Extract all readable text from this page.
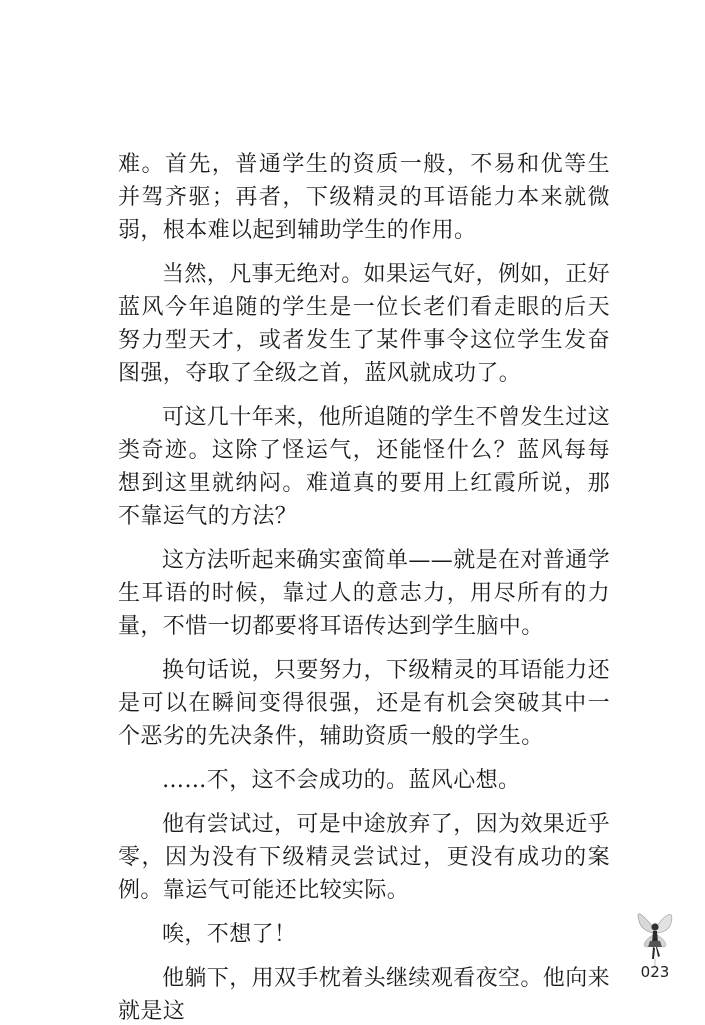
难。首先，普通学生的资质一般，不易和优等生并驾齐驱；再者，下级精灵的耳语能力本来就微弱，根本难以起到辅助学生的作用。

当然，凡事无绝对。如果运气好，例如，正好蓝风今年追随的学生是一位长老们看走眼的后天努力型天才，或者发生了某件事令这位学生发奋图强，夺取了全级之首，蓝风就成功了。

可这几十年来，他所追随的学生不曾发生过这类奇迹。这除了怪运气，还能怪什么？蓝风每每想到这里就纳闷。难道真的要用上红霞所说，那不靠运气的方法？

这方法听起来确实蛮简单——就是在对普通学生耳语的时候，靠过人的意志力，用尽所有的力量，不惜一切都要将耳语传达到学生脑中。

换句话说，只要努力，下级精灵的耳语能力还是可以在瞬间变得很强，还是有机会突破其中一个恶劣的先决条件，辅助资质一般的学生。

……不，这不会成功的。蓝风心想。

他有尝试过，可是中途放弃了，因为效果近乎零，因为没有下级精灵尝试过，更没有成功的案例。靠运气可能还比较实际。

唉，不想了！

他躺下，用双手枕着头继续观看夜空。他向来就是这

023
